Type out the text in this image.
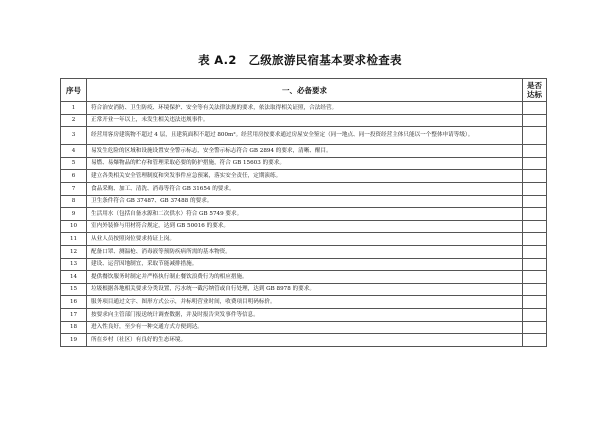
表 A.2　乙级旅游民宿基本要求检查表
序号	一、必备要求	是否
达标

1	符合治安消防、卫生防疫、环境保护、安全等有关法律法规的要求，依法取得相关证照，合法经营。	
2	正常开业一年以上，未发生相关违法违规事件。	
3	经营用客房建筑物不超过 4 层，且建筑面积不超过 800m²。经营用房按要求通过房屋安全鉴定（同一地点、同一投资经营主体只能以一个整体申请等级）。	
4	易发生危险的区域和设施设置安全警示标志，安全警示标志符合 GB 2894 的要求，清晰、醒目。	
5	易燃、易爆物品的贮存和管理采取必要的防护措施，符合 GB 15603 的要求。	
6	建立各类相关安全管理制度和突发事件应急预案，落实安全责任，定期演练。	
7	食品采购、加工、清洗、消毒等符合 GB 31654 的要求。	
8	卫生条件符合 GB 37487、GB 37488 的要求。	
9	生活用水（包括自备水源和二次供水）符合 GB 5749 要求。	
10	室内外装修与用材符合规定，达到 GB 50016 的要求。	
11	从业人员按照岗位要求持证上岗。	
12	配备口罩、测温枪、消毒液等预防疾病所需的基本物资。	
13	建设、运营因地制宜，采取节能减排措施。	
14	提供餐饮服务时制定并严格执行制止餐饮浪费行为的相应措施。	
15	垃圾根据各地相关要求分类设置，污水统一截污纳管或自行处理，达到 GB 8978 的要求。	
16	服务项目通过文字、图形方式公示，并标明营业时间，收费项目明码标价。	
17	按要求向主管部门报送统计调查数据，并及时报告突发事件等信息。	
18	进入性良好，至少有一种交通方式方便到达。	
19	所在乡村（社区）有良好的生态环境。	
